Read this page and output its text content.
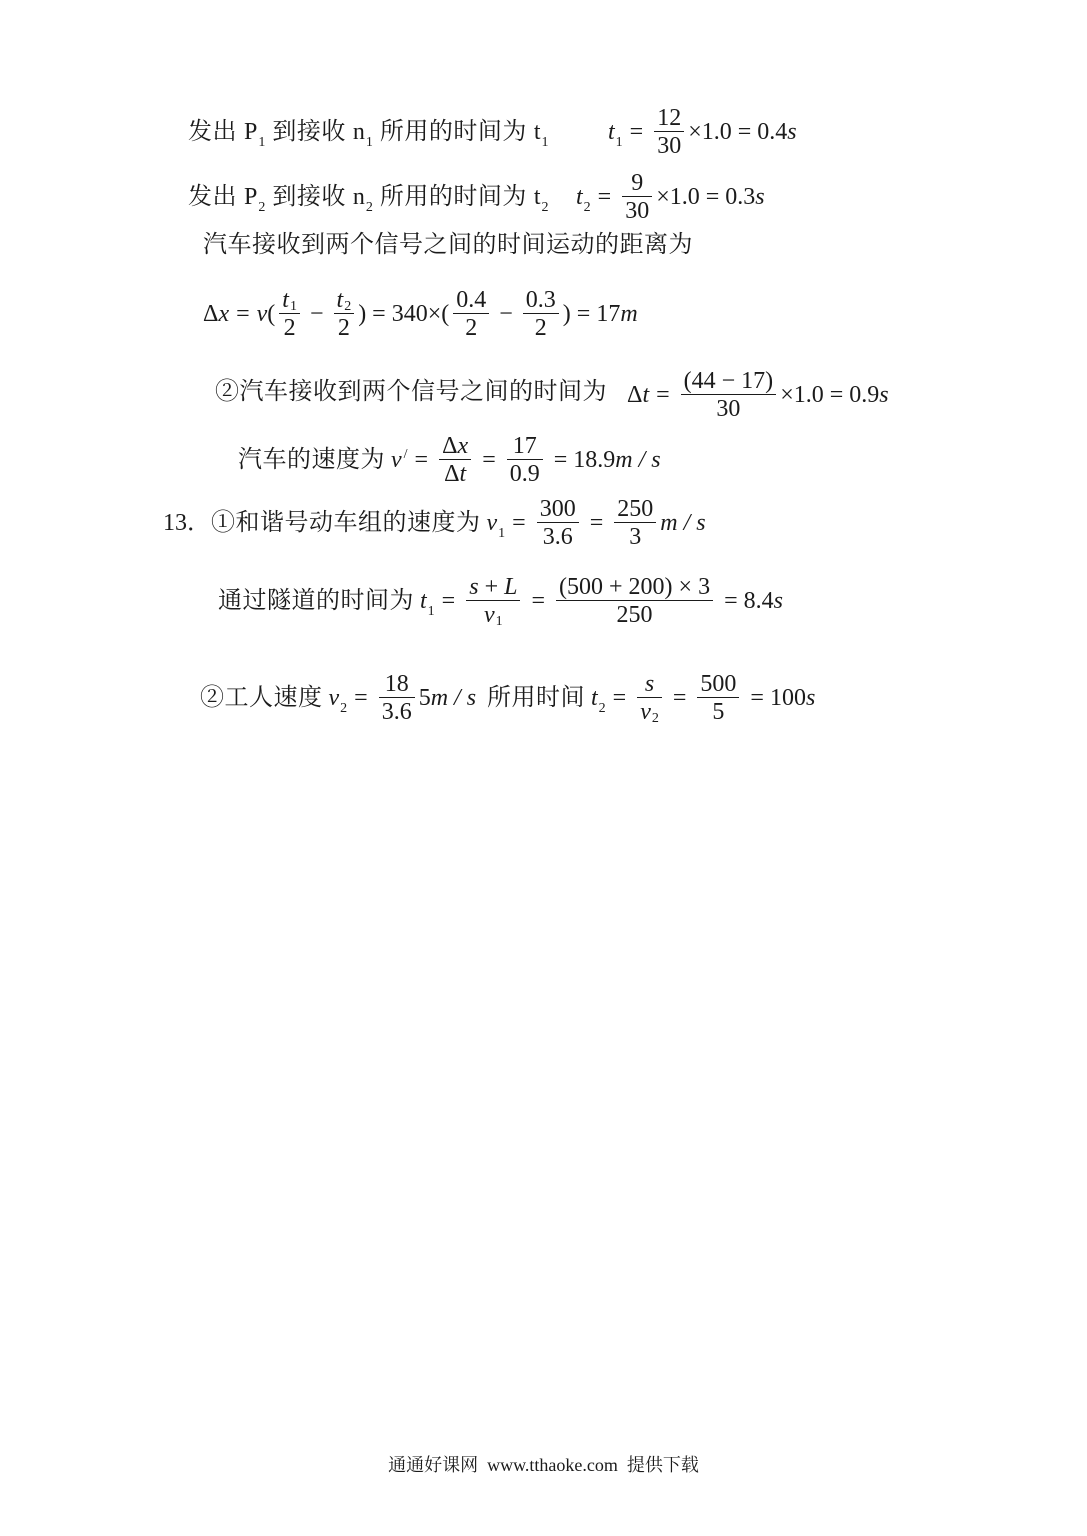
发出 $P_1$ 到接收 $n_1$ 所用的时间为 $t_1$ $t_1 = \frac{12}{30} \times 1.0 = 0.4$ s
发出 $P_2$ 到接收 $n_2$ 所用的时间为 $t_2$ $t_2 = \frac{9}{30} \times 1.0 = 0.3$ s
汽车接收到两个信号之间的时间运动的距离为
Δ x = v ( $\frac{t 1}{2} - \frac{t 2}{2}$ ) = $340\times( \frac{0.4}{2} - \frac{0.3}{2}$ ) = 17 m
②汽车接收到两个信号之间的时间为 Δ $t = \frac{(44 - 17)}{30} \times 1.0 = 0.9$ s
汽车的速度为 v $^/ = \frac{\text{Δ x}}{\text{Δ t}} = \frac{17}{0.9} = 18.9$ m / s
13． ①和谐号动车组的速度为 $v_1 = \frac{300}{3.6} = \frac{250}{3}$ m / s
通过隧道的时间为 $t_1 = \frac{s + L}{v 1} = \frac{(500 + 200) \times 3}{250} = 8.4$ s
②工人速度 $v_2 = \frac{18}{3.6} 5$ m / s 所用时间 $t_2 = \frac{s}{v 2} = \frac{500}{5} = 100$ s
通通好课网  www.tthaoke.com  提供下载
